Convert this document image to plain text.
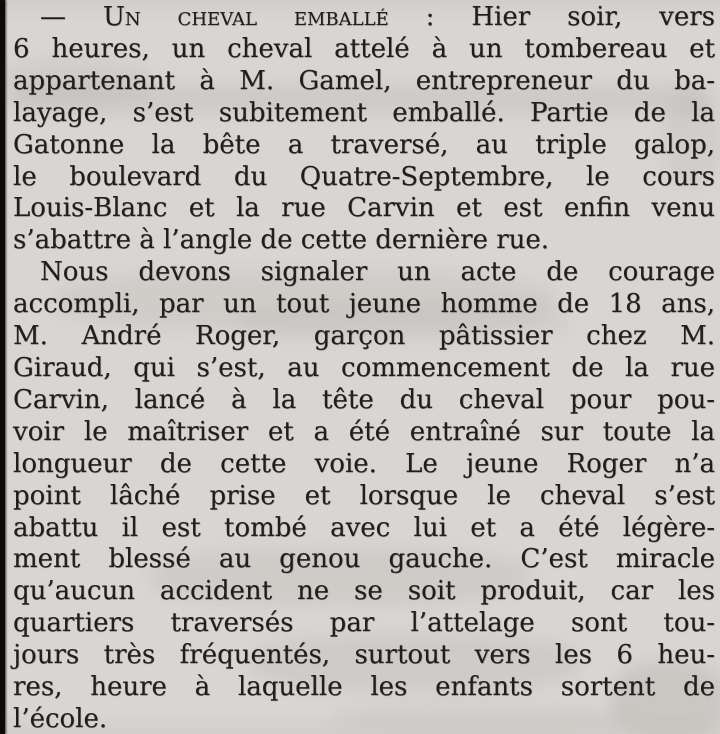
— Un cheval emballé : Hier soir, vers
6 heures, un cheval attelé à un tombereau et
appartenant à M. Gamel, entrepreneur du ba-
layage, s’est subitement emballé. Partie de la
Gatonne la bête a traversé, au triple galop,
le boulevard du Quatre-Septembre, le cours
Louis-Blanc et la rue Carvin et est enfin venu
s’abattre à l’angle de cette dernière rue.
Nous devons signaler un acte de courage
accompli, par un tout jeune homme de 18 ans,
M. André Roger, garçon pâtissier chez M.
Giraud, qui s’est, au commencement de la rue
Carvin, lancé à la tête du cheval pour pou-
voir le maîtriser et a été entraîné sur toute la
longueur de cette voie. Le jeune Roger n’a
point lâché prise et lorsque le cheval s’est
abattu il est tombé avec lui et a été légère-
ment blessé au genou gauche. C’est miracle
qu’aucun accident ne se soit produit, car les
quartiers traversés par l’attelage sont tou-
jours très fréquentés, surtout vers les 6 heu-
res, heure à laquelle les enfants sortent de
l’école.
